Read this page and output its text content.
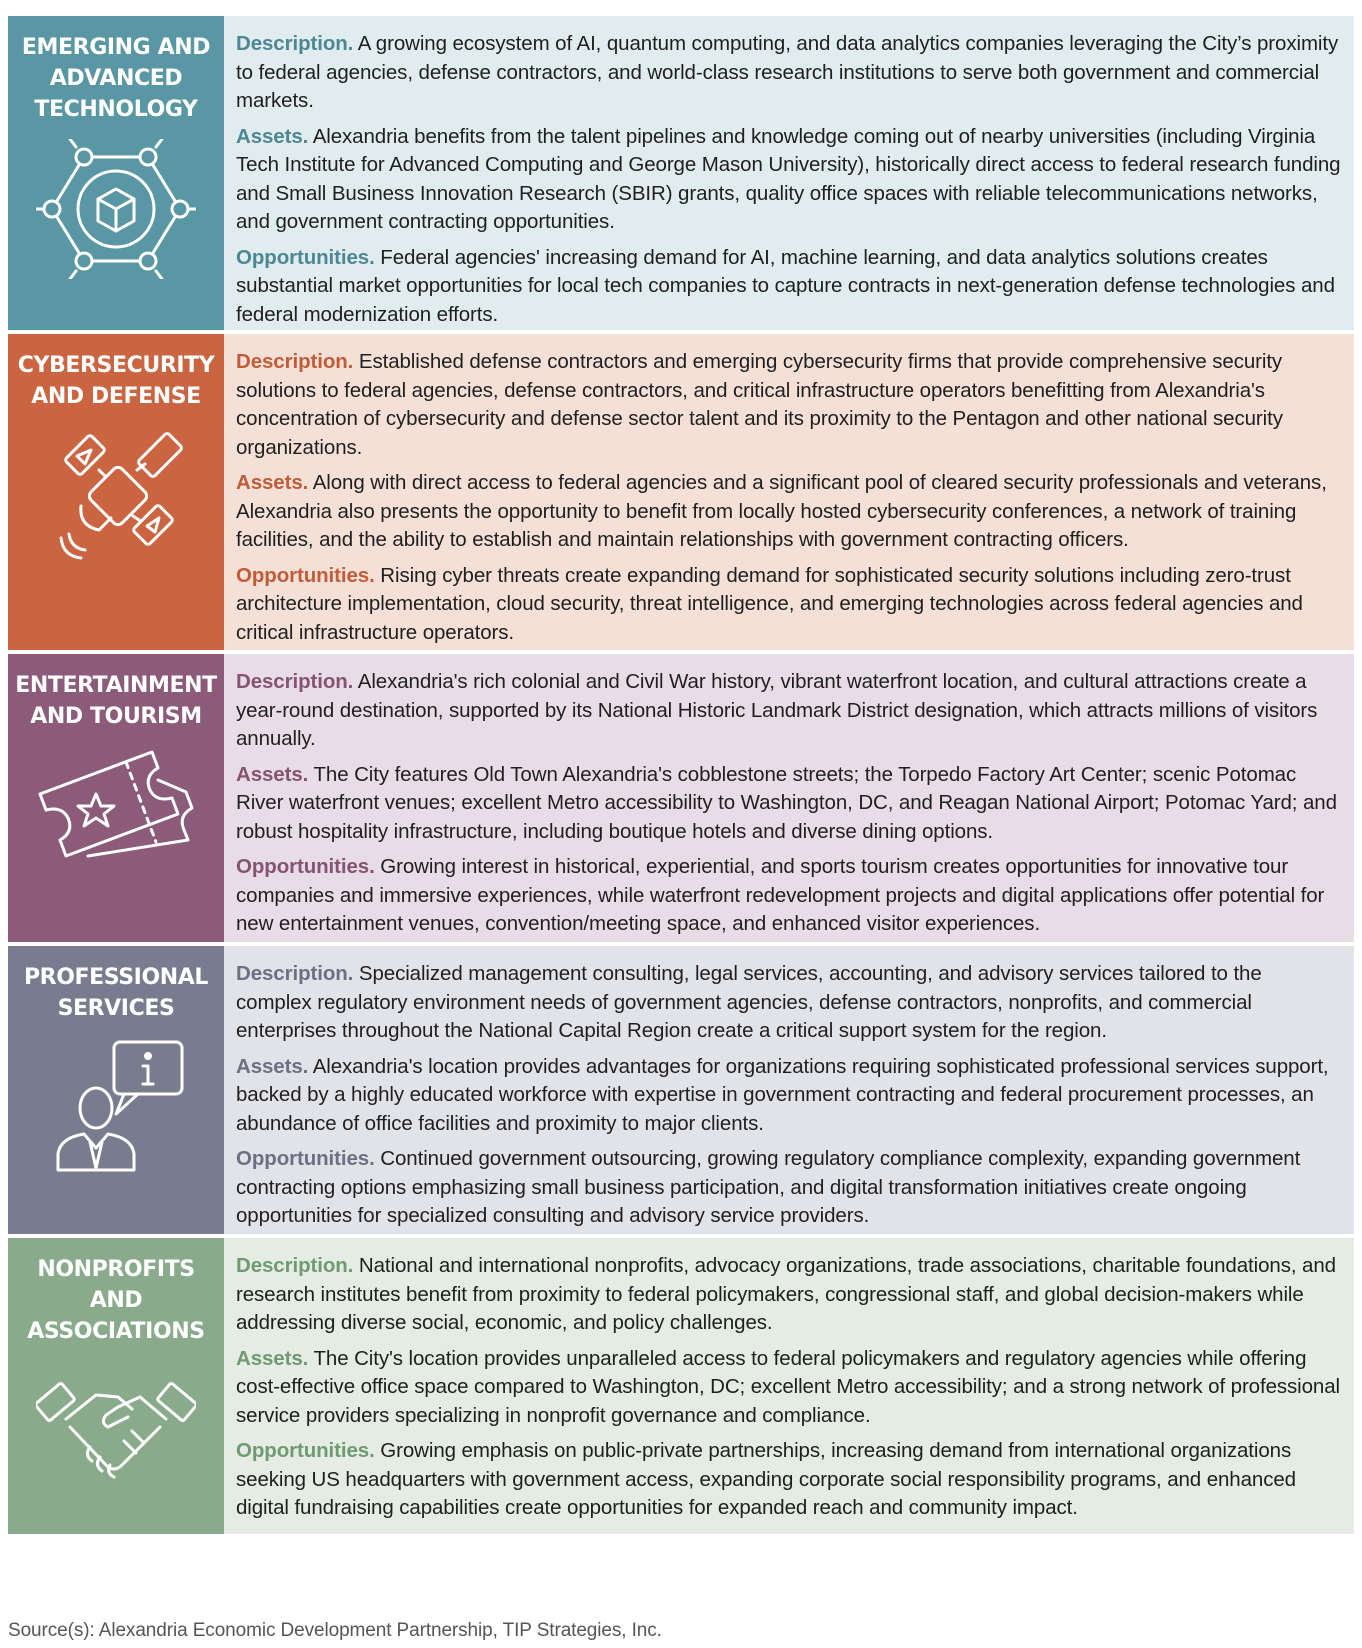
EMERGING AND
ADVANCED
TECHNOLOGY

Description. A growing ecosystem of AI, quantum computing, and data analytics companies leveraging the City’s proximity to federal agencies, defense contractors, and world-class research institutions to serve both government and commercial markets.

Assets. Alexandria benefits from the talent pipelines and knowledge coming out of nearby universities (including Virginia Tech Institute for Advanced Computing and George Mason University), historically direct access to federal research funding and Small Business Innovation Research (SBIR) grants, quality office spaces with reliable telecommunications networks, and government contracting opportunities.

Opportunities. Federal agencies' increasing demand for AI, machine learning, and data analytics solutions creates substantial market opportunities for local tech companies to capture contracts in next-generation defense technologies and federal modernization efforts.

CYBERSECURITY
AND DEFENSE

Description. Established defense contractors and emerging cybersecurity firms that provide comprehensive security solutions to federal agencies, defense contractors, and critical infrastructure operators benefitting from Alexandria's concentration of cybersecurity and defense sector talent and its proximity to the Pentagon and other national security organizations.

Assets. Along with direct access to federal agencies and a significant pool of cleared security professionals and veterans, Alexandria also presents the opportunity to benefit from locally hosted cybersecurity conferences, a network of training facilities, and the ability to establish and maintain relationships with government contracting officers.

Opportunities. Rising cyber threats create expanding demand for sophisticated security solutions including zero-trust architecture implementation, cloud security, threat intelligence, and emerging technologies across federal agencies and critical infrastructure operators.

ENTERTAINMENT
AND TOURISM

Description. Alexandria's rich colonial and Civil War history, vibrant waterfront location, and cultural attractions create a year-round destination, supported by its National Historic Landmark District designation, which attracts millions of visitors annually.

Assets. The City features Old Town Alexandria's cobblestone streets; the Torpedo Factory Art Center; scenic Potomac River waterfront venues; excellent Metro accessibility to Washington, DC, and Reagan National Airport; Potomac Yard; and robust hospitality infrastructure, including boutique hotels and diverse dining options.

Opportunities. Growing interest in historical, experiential, and sports tourism creates opportunities for innovative tour companies and immersive experiences, while waterfront redevelopment projects and digital applications offer potential for new entertainment venues, convention/meeting space, and enhanced visitor experiences.

PROFESSIONAL
SERVICES

Description. Specialized management consulting, legal services, accounting, and advisory services tailored to the complex regulatory environment needs of government agencies, defense contractors, nonprofits, and commercial enterprises throughout the National Capital Region create a critical support system for the region.

Assets. Alexandria's location provides advantages for organizations requiring sophisticated professional services support, backed by a highly educated workforce with expertise in government contracting and federal procurement processes, an abundance of office facilities and proximity to major clients.

Opportunities. Continued government outsourcing, growing regulatory compliance complexity, expanding government contracting options emphasizing small business participation, and digital transformation initiatives create ongoing opportunities for specialized consulting and advisory service providers.

NONPROFITS AND
ASSOCIATIONS

Description. National and international nonprofits, advocacy organizations, trade associations, charitable foundations, and research institutes benefit from proximity to federal policymakers, congressional staff, and global decision-makers while addressing diverse social, economic, and policy challenges.

Assets. The City's location provides unparalleled access to federal policymakers and regulatory agencies while offering cost-effective office space compared to Washington, DC; excellent Metro accessibility; and a strong network of professional service providers specializing in nonprofit governance and compliance.

Opportunities. Growing emphasis on public-private partnerships, increasing demand from international organizations seeking US headquarters with government access, expanding corporate social responsibility programs, and enhanced digital fundraising capabilities create opportunities for expanded reach and community impact.

Source(s): Alexandria Economic Development Partnership, TIP Strategies, Inc.
